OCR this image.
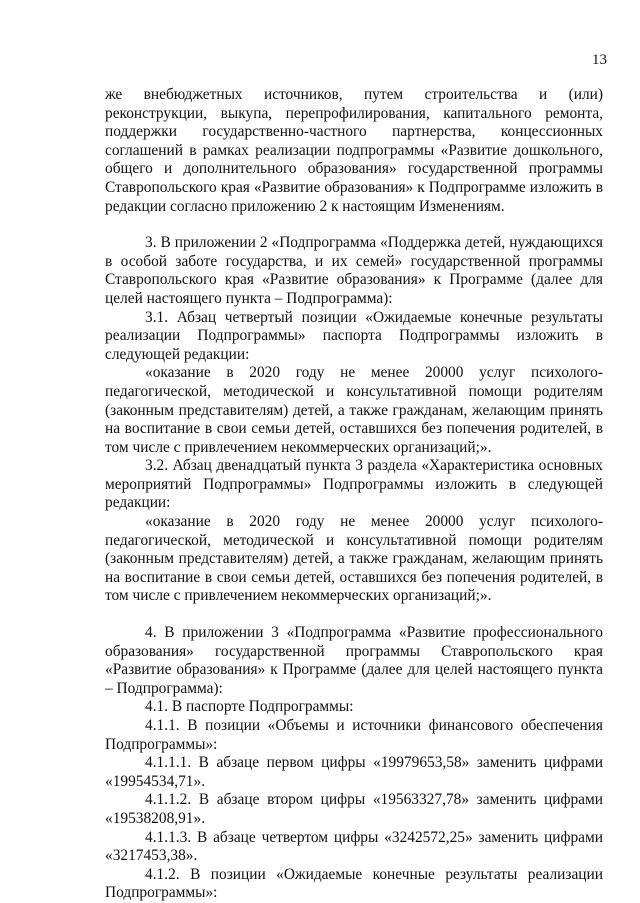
13

же внебюджетных источников, путем строительства и (или) реконструкции, выкупа, перепрофилирования, капитального ремонта, поддержки государственно-частного партнерства, концессионных соглашений в рамках реализации подпрограммы «Развитие дошкольного, общего и дополнительного образования» государственной программы Ставропольского края «Развитие образования» к Подпрограмме изложить в редакции согласно приложению 2 к настоящим Изменениям.

3. В приложении 2 «Подпрограмма «Поддержка детей, нуждающихся в особой заботе государства, и их семей» государственной программы Ставропольского края «Развитие образования» к Программе (далее для целей настоящего пункта – Подпрограмма):

3.1. Абзац четвертый позиции «Ожидаемые конечные результаты реализации Подпрограммы» паспорта Подпрограммы изложить в следующей редакции:

«оказание в 2020 году не менее 20000 услуг психолого-педагогической, методической и консультативной помощи родителям (законным представителям) детей, а также гражданам, желающим принять на воспитание в свои семьи детей, оставшихся без попечения родителей, в том числе с привлечением некоммерческих организаций;».

3.2. Абзац двенадцатый пункта 3 раздела «Характеристика основных мероприятий Подпрограммы» Подпрограммы изложить в следующей редакции:

«оказание в 2020 году не менее 20000 услуг психолого-педагогической, методической и консультативной помощи родителям (законным представителям) детей, а также гражданам, желающим принять на воспитание в свои семьи детей, оставшихся без попечения родителей, в том числе с привлечением некоммерческих организаций;».

4. В приложении 3 «Подпрограмма «Развитие профессионального образования» государственной программы Ставропольского края «Развитие образования» к Программе (далее для целей настоящего пункта – Подпрограмма):

4.1. В паспорте Подпрограммы:

4.1.1. В позиции «Объемы и источники финансового обеспечения Подпрограммы»:

4.1.1.1. В абзаце первом цифры «19979653,58» заменить цифрами «19954534,71».

4.1.1.2. В абзаце втором цифры «19563327,78» заменить цифрами «19538208,91».

4.1.1.3. В абзаце четвертом цифры «3242572,25» заменить цифрами «3217453,38».

4.1.2. В позиции «Ожидаемые конечные результаты реализации Подпрограммы»:
